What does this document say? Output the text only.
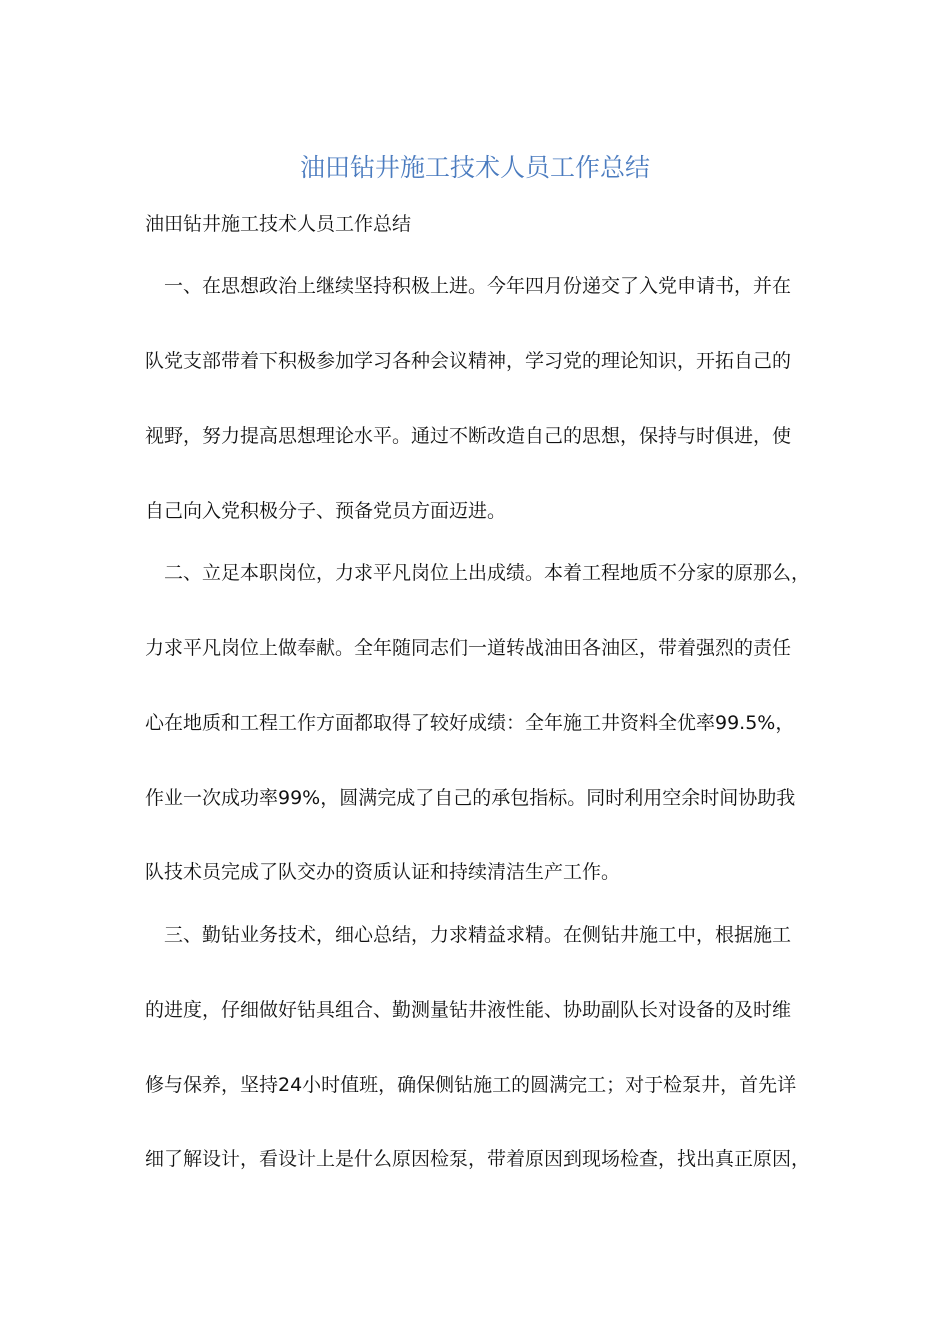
油田钻井施工技术人员工作总结

油田钻井施工技术人员工作总结

　一、在思想政治上继续坚持积极上进。今年四月份递交了入党申请书，并在

队党支部带着下积极参加学习各种会议精神，学习党的理论知识，开拓自己的

视野，努力提高思想理论水平。通过不断改造自己的思想，保持与时俱进，使

自己向入党积极分子、预备党员方面迈进。

　二、立足本职岗位，力求平凡岗位上出成绩。本着工程地质不分家的原那么，

力求平凡岗位上做奉献。全年随同志们一道转战油田各油区，带着强烈的责任

心在地质和工程工作方面都取得了较好成绩：全年施工井资料全优率99.5%，

作业一次成功率99%，圆满完成了自己的承包指标。同时利用空余时间协助我

队技术员完成了队交办的资质认证和持续清洁生产工作。

　三、勤钻业务技术，细心总结，力求精益求精。在侧钻井施工中，根据施工

的进度，仔细做好钻具组合、勤测量钻井液性能、协助副队长对设备的及时维

修与保养，坚持24小时值班，确保侧钻施工的圆满完工；对于检泵井，首先详

细了解设计，看设计上是什么原因检泵，带着原因到现场检查，找出真正原因，
